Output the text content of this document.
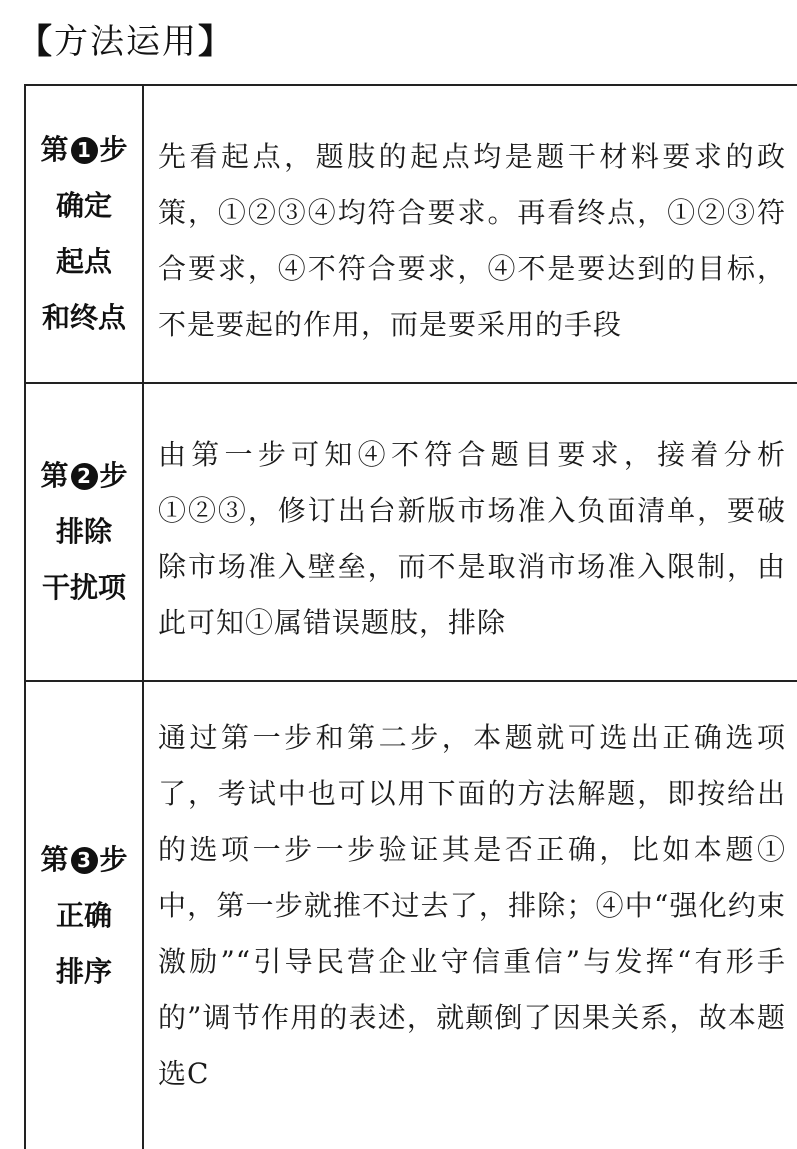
【方法运用】
第 1 步
确定
起点
和终点
先看起点，题肢的起点均是题干材料要求的政策，①②③④均符合要求。再看终点，①②③符合要求，④不符合要求，④不是要达到的目标，不是要起的作用，而是要采用的手段
第 2 步
排除
干扰项
由第一步可知④不符合题目要求，接着分析①②③，修订出台新版市场准入负面清单，要破除市场准入壁垒，而不是取消市场准入限制，由此可知①属错误题肢，排除
第 3 步
正确
排序
通过第一步和第二步，本题就可选出正确选项了，考试中也可以用下面的方法解题，即按给出的选项一步一步验证其是否正确，比如本题①中，第一步就推不过去了，排除；④中“强化约束激励”“引导民营企业守信重信”与发挥“有形手的”调节作用的表述，就颠倒了因果关系，故本题选C
